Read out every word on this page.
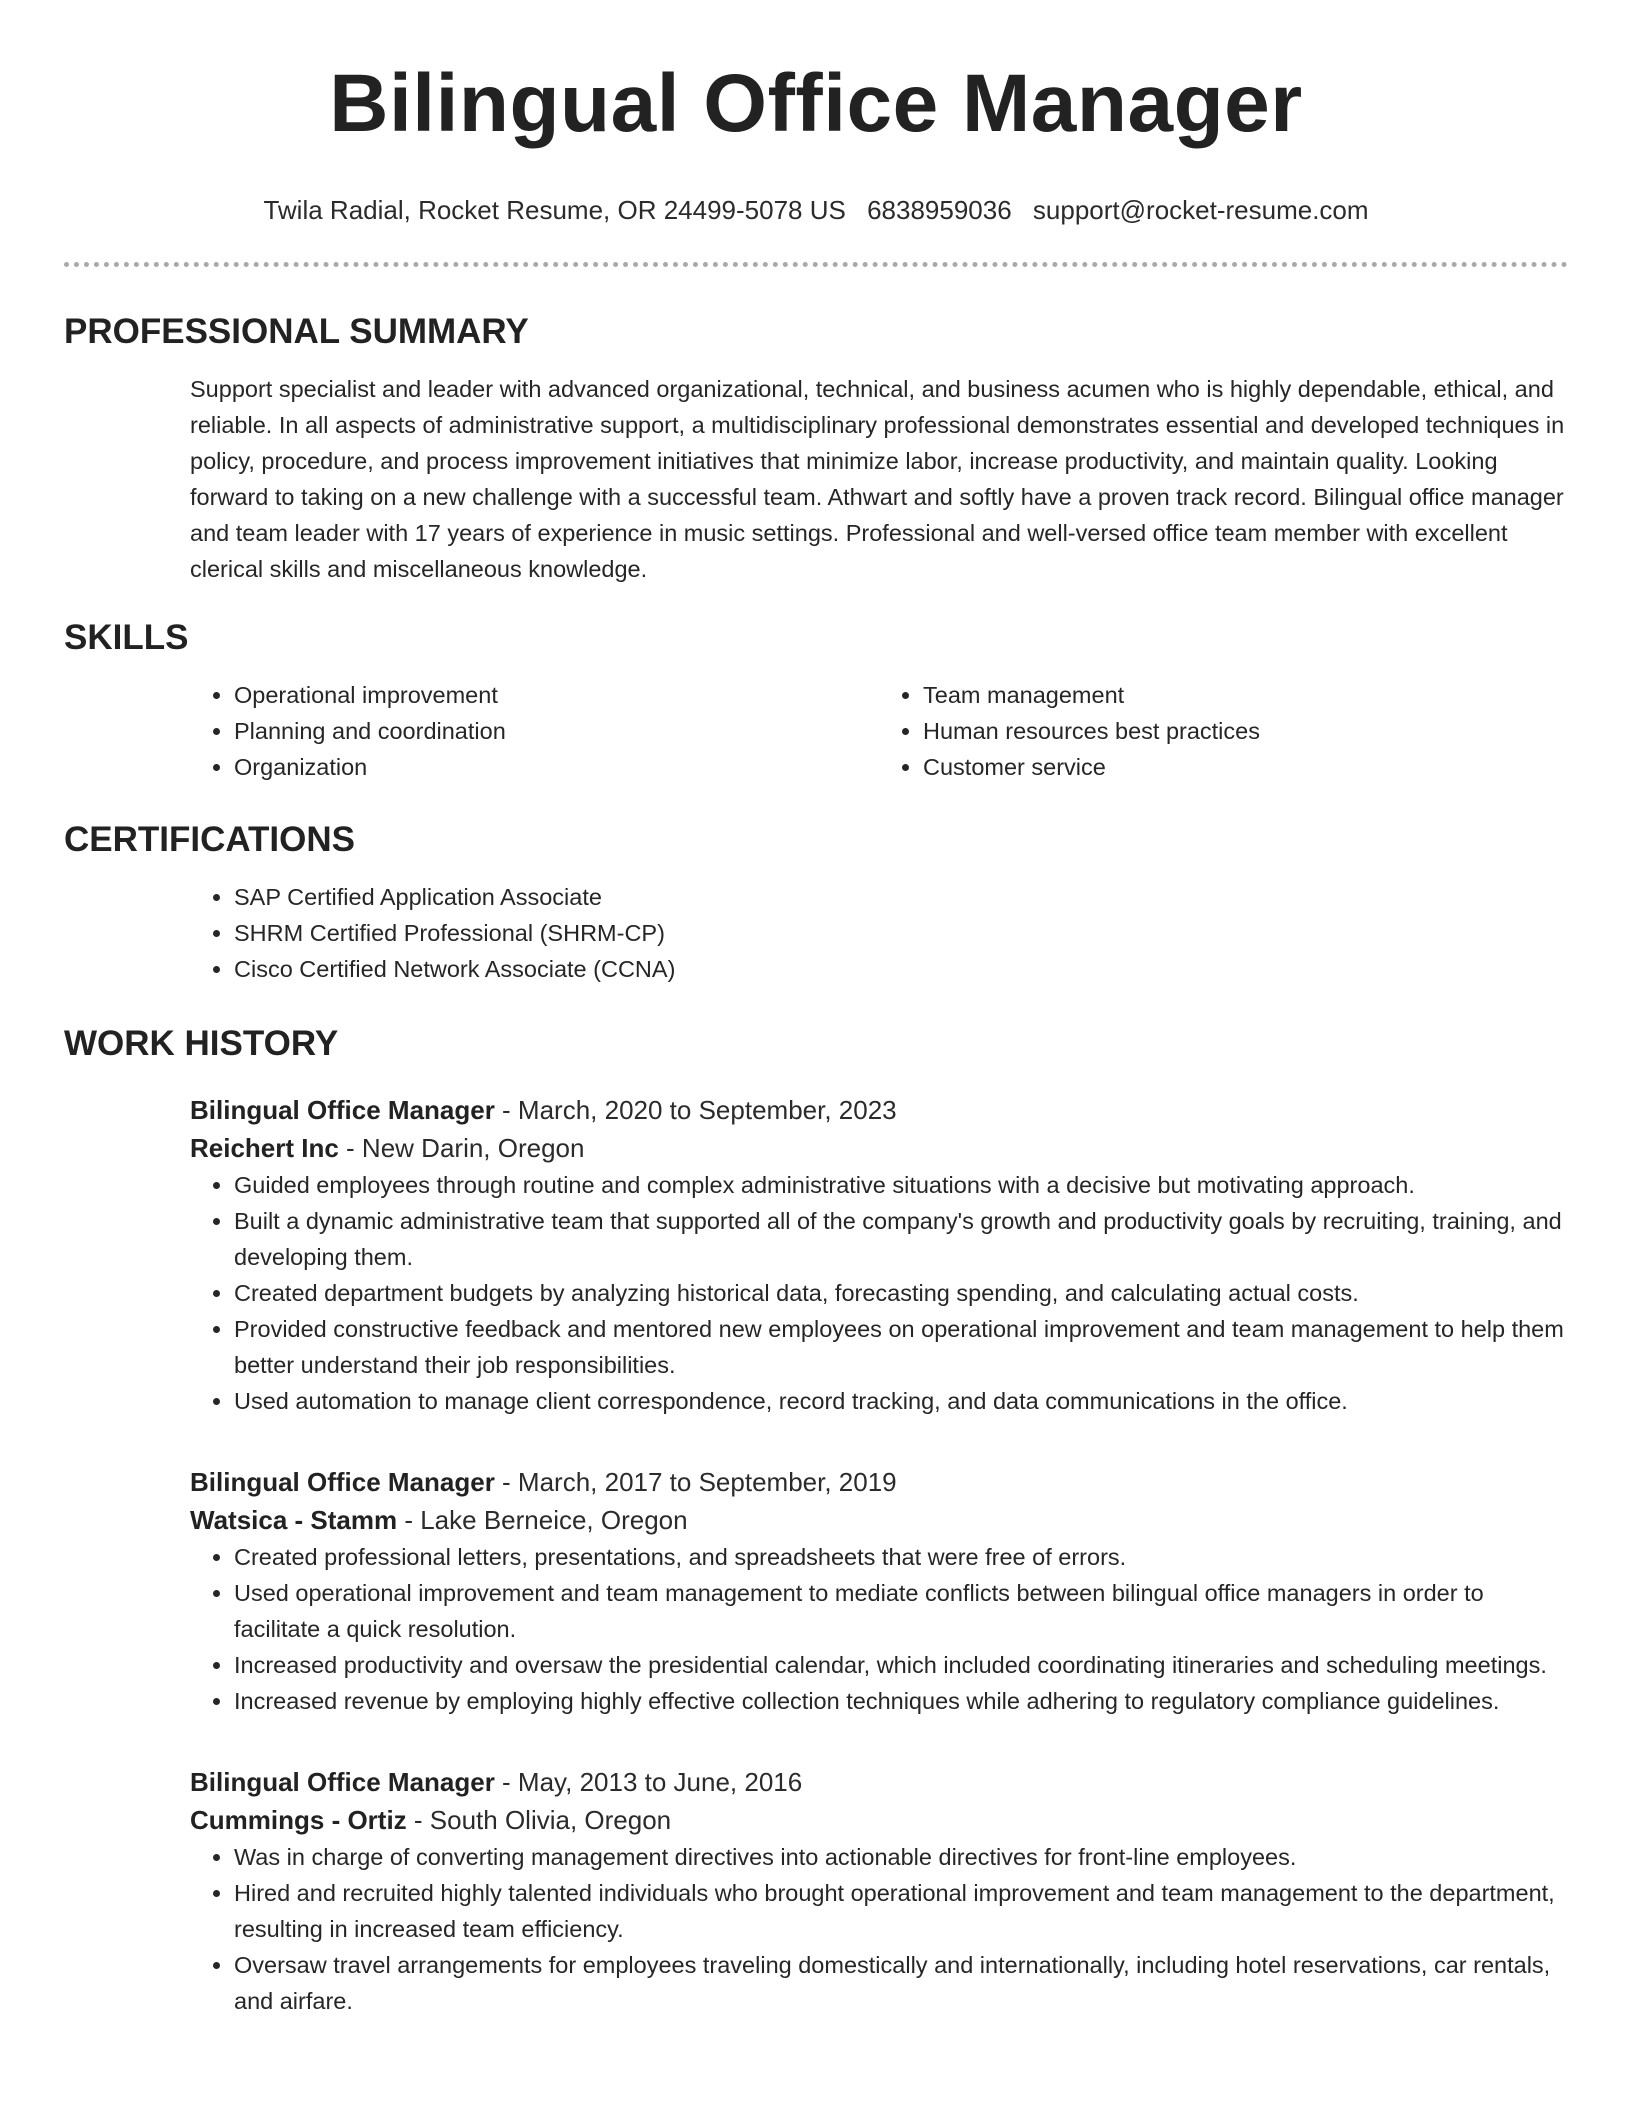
Bilingual Office Manager
Twila Radial, Rocket Resume, OR 24499-5078 US 6838959036 support@rocket-resume.com
PROFESSIONAL SUMMARY

Support specialist and leader with advanced organizational, technical, and business acumen who is highly dependable, ethical, and reliable. In all aspects of administrative support, a multidisciplinary professional demonstrates essential and developed techniques in policy, procedure, and process improvement initiatives that minimize labor, increase productivity, and maintain quality. Looking forward to taking on a new challenge with a successful team. Athwart and softly have a proven track record. Bilingual office manager and team leader with 17 years of experience in music settings. Professional and well-versed office team member with excellent clerical skills and miscellaneous knowledge.

SKILLS
• Operational improvement
• Planning and coordination
• Organization
• Team management
• Human resources best practices
• Customer service
CERTIFICATIONS
• SAP Certified Application Associate
• SHRM Certified Professional (SHRM-CP)
• Cisco Certified Network Associate (CCNA)
WORK HISTORY
Bilingual Office Manager - March, 2020 to September, 2023
Reichert Inc - New Darin, Oregon
• Guided employees through routine and complex administrative situations with a decisive but motivating approach.
• Built a dynamic administrative team that supported all of the company's growth and productivity goals by recruiting, training, and developing them.
• Created department budgets by analyzing historical data, forecasting spending, and calculating actual costs.
• Provided constructive feedback and mentored new employees on operational improvement and team management to help them better understand their job responsibilities.
• Used automation to manage client correspondence, record tracking, and data communications in the office.
Bilingual Office Manager - March, 2017 to September, 2019
Watsica - Stamm - Lake Berneice, Oregon
• Created professional letters, presentations, and spreadsheets that were free of errors.
• Used operational improvement and team management to mediate conflicts between bilingual office managers in order to facilitate a quick resolution.
• Increased productivity and oversaw the presidential calendar, which included coordinating itineraries and scheduling meetings.
• Increased revenue by employing highly effective collection techniques while adhering to regulatory compliance guidelines.
Bilingual Office Manager - May, 2013 to June, 2016
Cummings - Ortiz - South Olivia, Oregon
• Was in charge of converting management directives into actionable directives for front-line employees.
• Hired and recruited highly talented individuals who brought operational improvement and team management to the department, resulting in increased team efficiency.
• Oversaw travel arrangements for employees traveling domestically and internationally, including hotel reservations, car rentals, and airfare.
